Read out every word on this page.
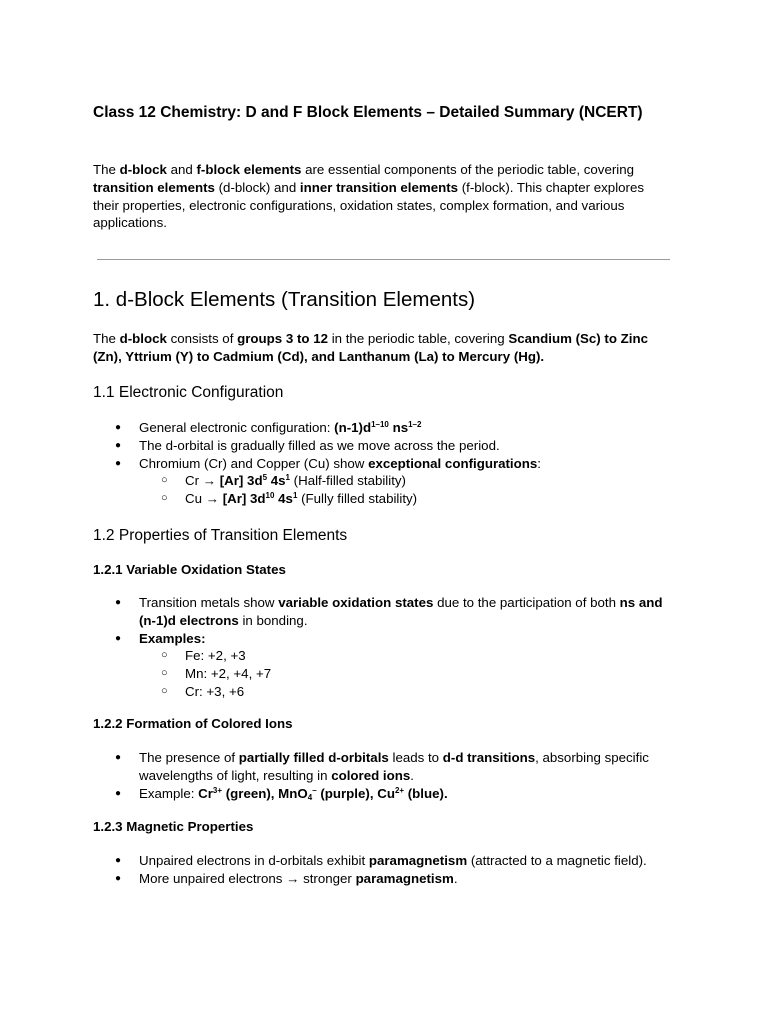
Class 12 Chemistry: D and F Block Elements – Detailed Summary (NCERT)

The d-block and f-block elements are essential components of the periodic table, covering transition elements (d-block) and inner transition elements (f-block). This chapter explores their properties, electronic configurations, oxidation states, complex formation, and various applications.

1. d-Block Elements (Transition Elements)

The d-block consists of groups 3 to 12 in the periodic table, covering Scandium (Sc) to Zinc (Zn), Yttrium (Y) to Cadmium (Cd), and Lanthanum (La) to Mercury (Hg).

1.1 Electronic Configuration
● General electronic configuration: $(n-1)d^{1-10}$ $ns^{1-2}$
● The d-orbital is gradually filled as we move across the period.
● Chromium (Cr) and Copper (Cu) show exceptional configurations:
○ Cr → [Ar] $3d^5$ $4s^1$ (Half-filled stability)
○ Cu → [Ar] $3d^{10}$ $4s^1$ (Fully filled stability)
1.2 Properties of Transition Elements
1.2.1 Variable Oxidation States
● Transition metals show variable oxidation states due to the participation of both ns and (n-1)d electrons in bonding.
● Examples:
○ Fe: +2, +3
○ Mn: +2, +4, +7
○ Cr: +3, +6
1.2.2 Formation of Colored Ions
● The presence of partially filled d-orbitals leads to d-d transitions, absorbing specific wavelengths of light, resulting in colored ions.
● Example: $Cr^{3+}$ (green), MnO$_4$– (purple), $Cu^{2+}$ (blue).
1.2.3 Magnetic Properties
● Unpaired electrons in d-orbitals exhibit paramagnetism (attracted to a magnetic field).
● More unpaired electrons → stronger paramagnetism.
